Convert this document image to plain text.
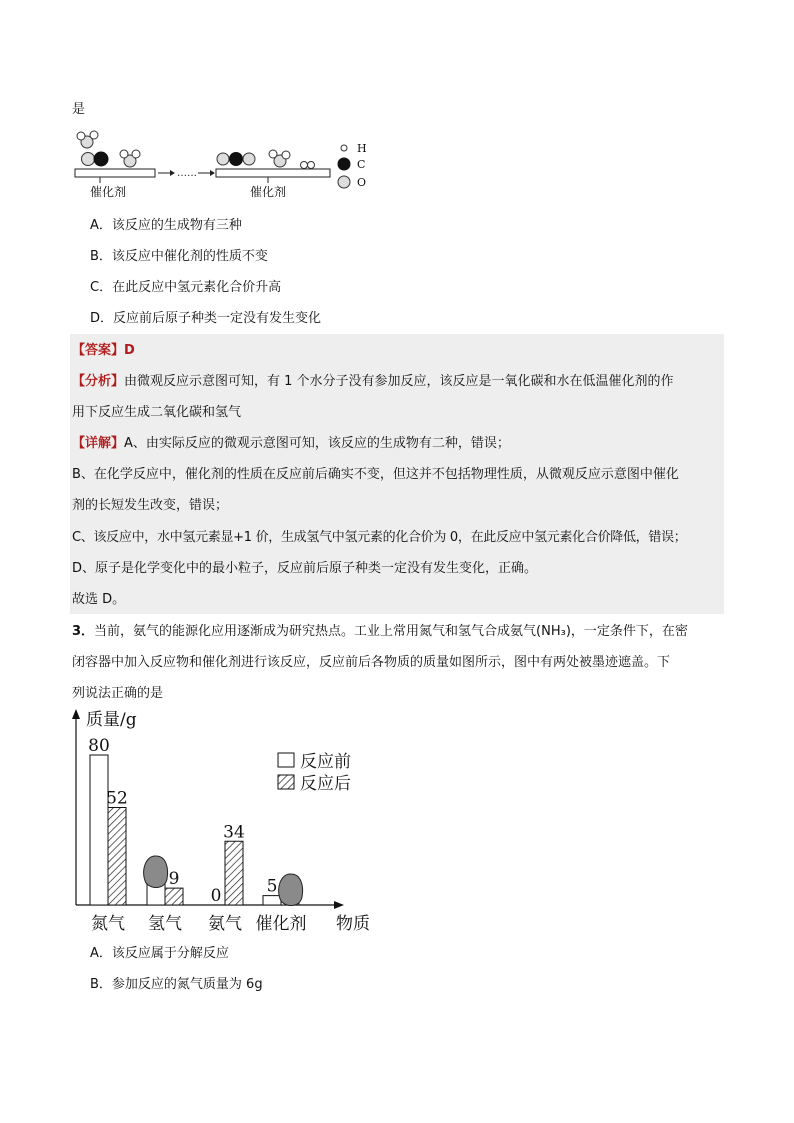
是
……
H
C
O
催化剂	催化剂
A．该反应的生成物有三种
B．该反应中催化剂的性质不变
C．在此反应中氢元素化合价升高
D．反应前后原子种类一定没有发生变化
【答案】D
【分析】由微观反应示意图可知，有 1 个水分子没有参加反应，该反应是一氧化碳和水在低温催化剂的作
用下反应生成二氧化碳和氢气
【详解】A、由实际反应的微观示意图可知，该反应的生成物有二种，错误；
B、在化学反应中，催化剂的性质在反应前后确实不变，但这并不包括物理性质，从微观反应示意图中催化
剂的长短发生改变，错误；
C、该反应中，水中氢元素显+1 价，生成氢气中氢元素的化合价为 0，在此反应中氢元素化合价降低，错误；
D、原子是化学变化中的最小粒子，反应前后原子种类一定没有发生变化，正确。
故选 D。
3．当前，氨气的能源化应用逐渐成为研究热点。工业上常用氮气和氢气合成氨气(NH₃)，一定条件下，在密
闭容器中加入反应物和催化剂进行该反应，反应前后各物质的质量如图所示，图中有两处被墨迹遮盖。下
列说法正确的是
80
52
氮气
9
氢气
0
34
氨气
5
催化剂
反应前
反应后
质量/g
物质
A．该反应属于分解反应
B．参加反应的氮气质量为 6g
